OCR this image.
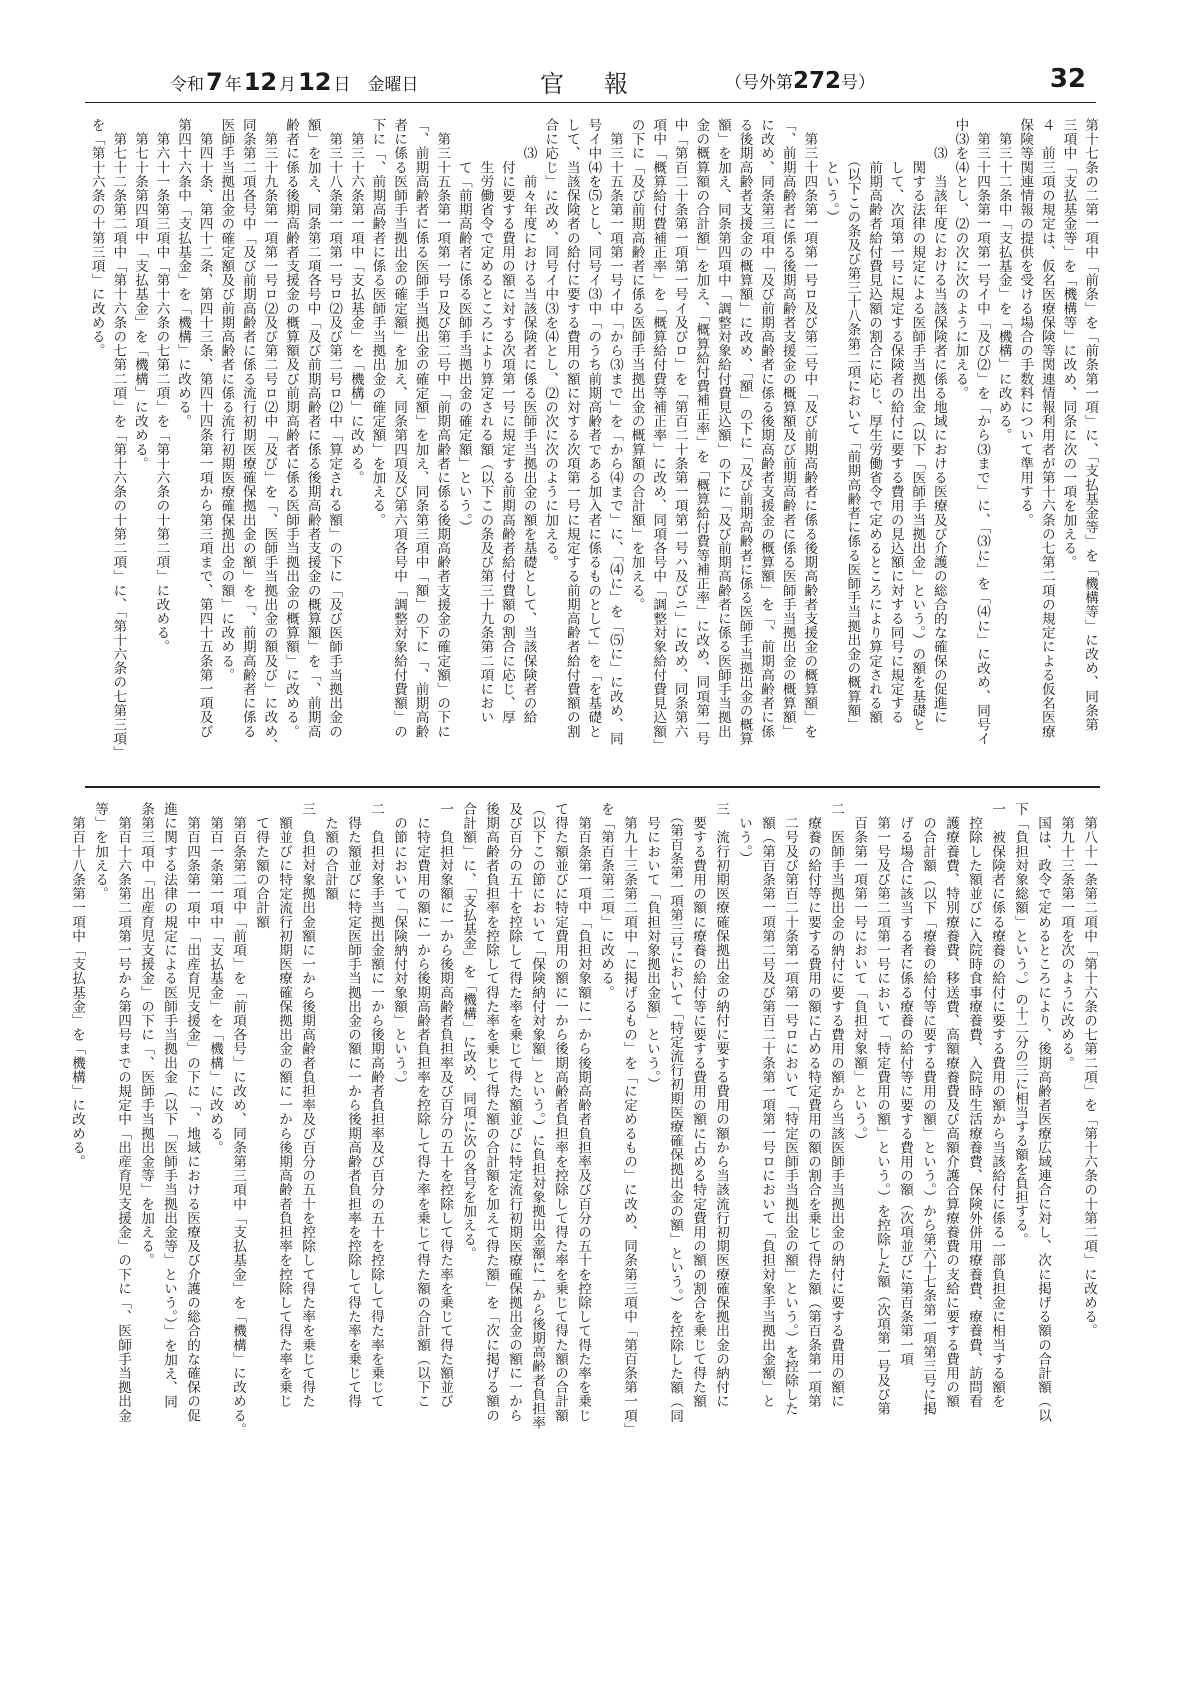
令和7 年12 月12 日　 金曜日	官報	（号外第272号）	32
第十七条の二第一項中「前条」を「前条第一項」に、「支払基金等」を「機構等」に改め、同条第
三項中「支払基金等」を「機構等」に改め、同条に次の一項を加える。
４　前三項の規定は、仮名医療保険等関連情報利用者が第十六条の七第二項の規定による仮名医療
保険等関連情報の提供を受ける場合の手数料について準用する。
　第三十二条中「支払基金」を「機構」に改める。
　第三十四条第一項第一号イ中「及び⑵」を「から⑶まで」に、「⑶に」を「⑷に」に改め、同号イ
中⑶を⑷とし、⑵の次に次のように加える。
　　⑶　当該年度における当該保険者に係る地域における医療及び介護の総合的な確保の促進に
　　　関する法律の規定による医師手当拠出金（以下「医師手当拠出金」という。）の額を基礎と
　　　して、次項第一号に規定する保険者の給付に要する費用の見込額に対する同号に規定する
　　　前期高齢者給付費見込額の割合に応じ、厚生労働省令で定めるところにより算定される額
　　　（以下この条及び第三十八条第二項において「前期高齢者に係る医師手当拠出金の概算額」
　　　という。）
　第三十四条第一項第一号ロ及び第二号中「及び前期高齢者に係る後期高齢者支援金の概算額」を
「、前期高齢者に係る後期高齢者支援金の概算額及び前期高齢者に係る医師手当拠出金の概算額」
に改め、同条第三項中「及び前期高齢者に係る後期高齢者支援金の概算額」を「、前期高齢者に係
る後期高齢者支援金の概算額」に改め、「額」の下に「及び前期高齢者に係る医師手当拠出金の概算
額」を加え、同条第四項中「調整対象給付費見込額」の下に「及び前期高齢者に係る医師手当拠出
金の概算額の合計額」を加え、「概算給付費補正率」を「概算給付費等補正率」に改め、同項第一号
中「第百二十条第一項第一号イ及びロ」を「第百二十条第一項第一号ハ及びニ」に改め、同条第六
項中「概算給付費補正率」を「概算給付費等補正率」に改め、同項各号中「調整対象給付費見込額」
の下に「及び前期高齢者に係る医師手当拠出金の概算額の合計額」を加える。
　第三十五条第一項第一号イ中「から⑶まで」を「から⑷まで」に、「⑷に」を「⑸に」に改め、同
号イ中⑷を⑸とし、同号イ⑶中「のうち前期高齢者である加入者に係るものとして」を「を基礎と
して、当該保険者の給付に要する費用の額に対する次項第一号に規定する前期高齢者給付費額の割
合に応じ」に改め、同号イ中⑶を⑷とし、⑵の次に次のように加える。
　　⑶　前々年度における当該保険者に係る医師手当拠出金の額を基礎として、当該保険者の給
　　　付に要する費用の額に対する次項第一号に規定する前期高齢者給付費額の割合に応じ、厚
　　　生労働省令で定めるところにより算定される額（以下この条及び第三十九条第二項におい
　　　て「前期高齢者に係る医師手当拠出金の確定額」という。）
　第三十五条第一項第一号ロ及び第二号中「前期高齢者に係る後期高齢者支援金の確定額」の下に
「、前期高齢者に係る医師手当拠出金の確定額」を加え、同条第三項中「額」の下に「、前期高齢
者に係る医師手当拠出金の確定額」を加え、同条第四項及び第六項各号中「調整対象給付費額」の
下に「、前期高齢者に係る医師手当拠出金の確定額」を加える。
　第三十六条第一項中「支払基金」を「機構」に改める。
　第三十八条第一項第一号ロ⑵及び第二号ロ⑵中「算定される額」の下に「及び医師手当拠出金の
額」を加え、同条第二項各号中「及び前期高齢者に係る後期高齢者支援金の概算額」を「、前期高
齢者に係る後期高齢者支援金の概算額及び前期高齢者に係る医師手当拠出金の概算額」に改める。
　第三十九条第一項第一号ロ⑵及び第二号ロ⑵中「及び」を「、医師手当拠出金の額及び」に改め、
同条第二項各号中「及び前期高齢者に係る流行初期医療確保拠出金の額」を「、前期高齢者に係る
医師手当拠出金の確定額及び前期高齢者に係る流行初期医療確保拠出金の額」に改める。
　第四十条、第四十二条、第四十三条、第四十四条第一項から第三項まで、第四十五条第一項及び
第四十六条中「支払基金」を「機構」に改める。
　第六十一条第三項中「第十六条の七第二項」を「第十六条の十第二項」に改める。
　第七十条第四項中「支払基金」を「機構」に改める。
　第七十二条第二項中「第十六条の七第二項」を「第十六条の十第二項」に、「第十六条の七第三項」
を「第十六条の十第三項」に改める。
　第八十一条第二項中「第十六条の七第二項」を「第十六条の十第二項」に改める。
　第九十三条第一項を次のように改める。
　国は、政令で定めるところにより、後期高齢者医療広域連合に対し、次に掲げる額の合計額（以
下「負担対象総額」という。）の十二分の三に相当する額を負担する。
一　被保険者に係る療養の給付に要する費用の額から当該給付に係る一部負担金に相当する額を
　控除した額並びに入院時食事療養費、入院時生活療養費、保険外併用療養費、療養費、訪問看
　護療養費、特別療養費、移送費、高額療養費及び高額介護合算療養費の支給に要する費用の額
　の合計額（以下「療養の給付等に要する費用の額」という。）から第六十七条第一項第三号に掲
　げる場合に該当する者に係る療養の給付等に要する費用の額（次項並びに第百条第一項
　第一号及び第二項第一号において「特定費用の額」という。）を控除した額（次項第一号及び第
　百条第一項第一号において「負担対象額」という。）
二　医師手当拠出金の納付に要する費用の額から当該医師手当拠出金の納付に要する費用の額に
　療養の給付等に要する費用の額に占める特定費用の額の割合を乗じて得た額（第百条第一項第
　二号及び第百二十条第一項第一号ロにおいて「特定医師手当拠出金の額」という。）を控除した
　額（第百条第一項第二号及び第百二十条第一項第一号ロにおいて「負担対象手当拠出金額」と
　いう。）
三　流行初期医療確保拠出金の納付に要する費用の額から当該流行初期医療確保拠出金の納付に
　要する費用の額に療養の給付等に要する費用の額に占める特定費用の額の割合を乗じて得た額
　（第百条第一項第三号において「特定流行初期医療確保拠出金の額」という。）を控除した額（同
　号において「負担対象拠出金額」という。）
　第九十三条第二項中「に掲げるもの」を「に定めるもの」に改め、同条第三項中「第百条第一項」
を「第百条第二項」に改める。
　第百条第一項中「負担対象額に一から後期高齢者負担率及び百分の五十を控除して得た率を乗じ
て得た額並びに特定費用の額に一から後期高齢者負担率を控除して得た率を乗じて得た額の合計額
（以下この節において「保険納付対象額」という。）に負担対象拠出金額に一から後期高齢者負担率
及び百分の五十を控除して得た率を乗じて得た額並びに特定流行初期医療確保拠出金の額に一から
後期高齢者負担率を控除して得た率を乗じて得た額の合計額を加えて得た額」を「次に掲げる額の
合計額」に、「支払基金」を「機構」に改め、同項に次の各号を加える。
一　負担対象額に一から後期高齢者負担率及び百分の五十を控除して得た率を乗じて得た額並び
　に特定費用の額に一から後期高齢者負担率を控除して得た率を乗じて得た額の合計額（以下こ
　の節において「保険納付対象額」という。）
二　負担対象手当拠出金額に一から後期高齢者負担率及び百分の五十を控除して得た率を乗じて
　得た額並びに特定医師手当拠出金の額に一から後期高齢者負担率を控除して得た率を乗じて得
　た額の合計額
三　負担対象拠出金額に一から後期高齢者負担率及び百分の五十を控除して得た率を乗じて得た
　額並びに特定流行初期医療確保拠出金の額に一から後期高齢者負担率を控除して得た率を乗じ
　て得た額の合計額
　第百条第二項中「前項」を「前項各号」に改め、同条第三項中「支払基金」を「機構」に改める。
　第百一条第一項中「支払基金」を「機構」に改める。
　第百四条第一項中「出産育児支援金」の下に「、地域における医療及び介護の総合的な確保の促
進に関する法律の規定による医師手当拠出金（以下「医師手当拠出金等」という。）」を加え、同
条第三項中「出産育児支援金」の下に「、医師手当拠出金等」を加える。
　第百十六条第二項第一号から第四号までの規定中「出産育児支援金」の下に「、医師手当拠出金
等」を加える。
　第百十八条第一項中「支払基金」を「機構」に改める。
